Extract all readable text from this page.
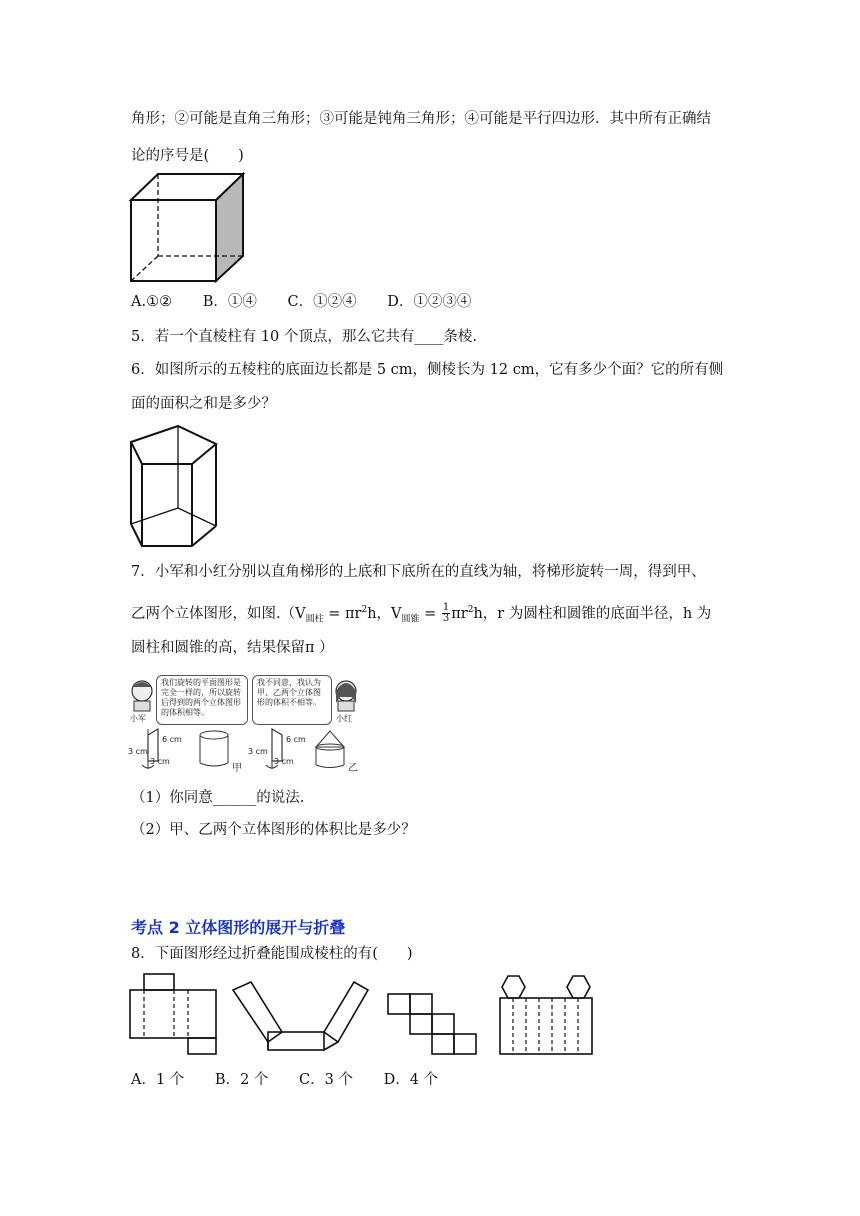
角形；②可能是直角三角形；③可能是钝角三角形；④可能是平行四边形．其中所有正确结
论的序号是(　　)
A.①② B．①④ C．①②④ D．①②③④
5．若一个直棱柱有 10 个顶点，那么它共有____条棱.
6．如图所示的五棱柱的底面边长都是 5 cm，侧棱长为 12 cm，它有多少个面？它的所有侧
面的面积之和是多少？
7．小军和小红分别以直角梯形的上底和下底所在的直线为轴，将梯形旋转一周，得到甲、
乙两个立体图形，如图$.(V_{圆柱} = \pi r^2h$，$V_{圆锥} = \frac{1}{3} \pi r^2h$，r 为圆柱和圆锥的底面半径，h 为
圆柱和圆锥的高，结果保留π ）
我们旋转的平面图形是完全一样的，所以旋转后得到的两个立体图形的体积相等。
我不同意，我认为甲、乙两个立体图形的体积不相等。
小军	小红
3 cm
6 cm
3 cm
甲
3 cm
6 cm
3 cm
乙
（1）你同意______的说法.
（2）甲、乙两个立体图形的体积比是多少？
考点 2 立体图形的展开与折叠
8．下面图形经过折叠能围成棱柱的有(　　)
A．1 个 B．2 个 C．3 个 D．4 个
